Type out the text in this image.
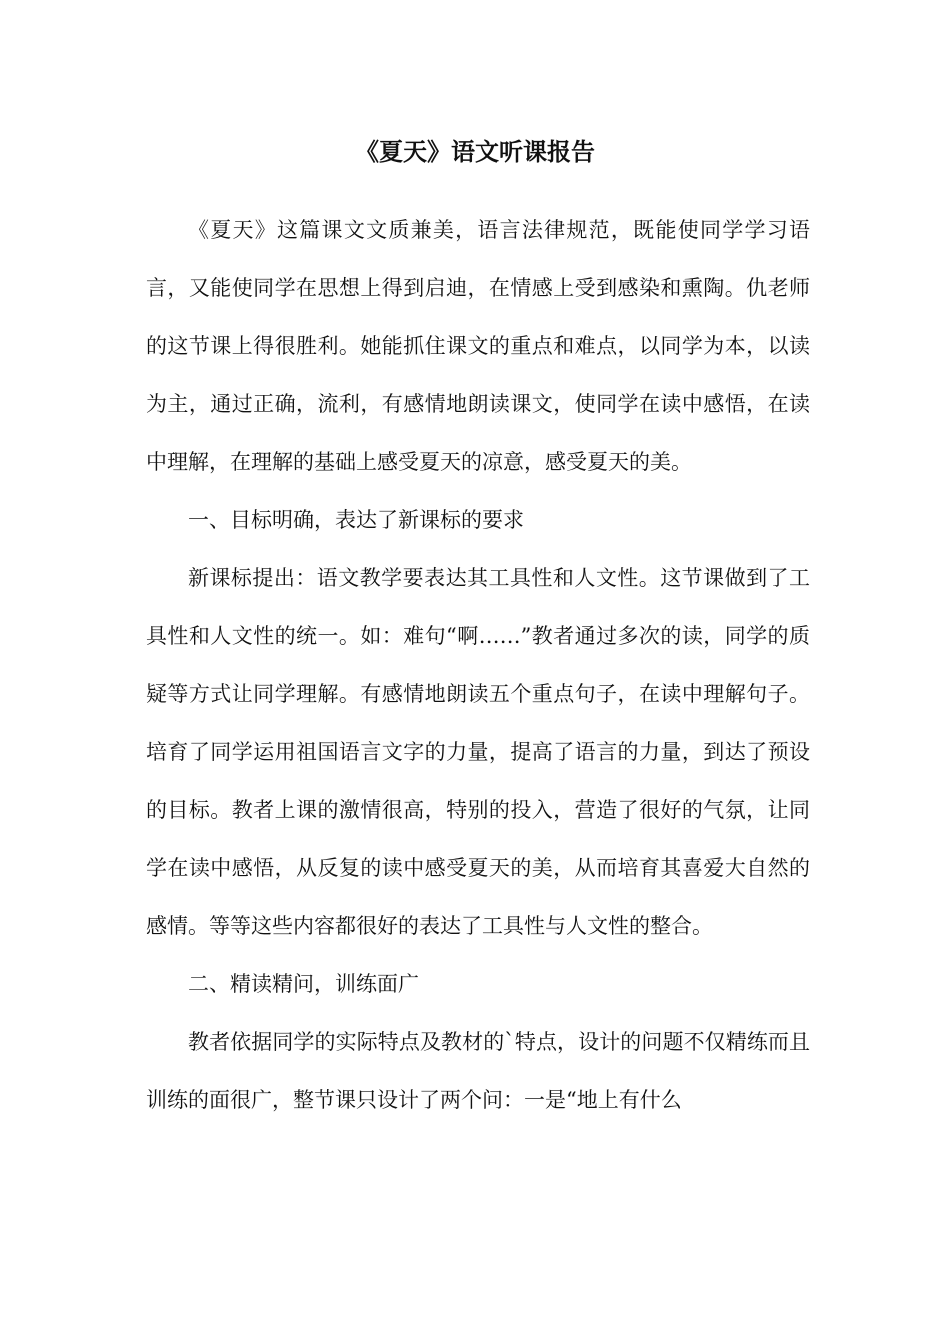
《夏天》语文听课报告

《夏天》这篇课文文质兼美，语言法律规范，既能使同学学习语言，又能使同学在思想上得到启迪，在情感上受到感染和熏陶。仇老师的这节课上得很胜利。她能抓住课文的重点和难点，以同学为本，以读为主，通过正确，流利，有感情地朗读课文，使同学在读中感悟，在读中理解，在理解的基础上感受夏天的凉意，感受夏天的美。

一、目标明确，表达了新课标的要求

新课标提出：语文教学要表达其工具性和人文性。这节课做到了工具性和人文性的统一。如：难句“啊……”教者通过多次的读，同学的质疑等方式让同学理解。有感情地朗读五个重点句子，在读中理解句子。培育了同学运用祖国语言文字的力量，提高了语言的力量，到达了预设的目标。教者上课的激情很高，特别的投入，营造了很好的气氛，让同学在读中感悟，从反复的读中感受夏天的美，从而培育其喜爱大自然的感情。等等这些内容都很好的表达了工具性与人文性的整合。

二、精读精问，训练面广

教者依据同学的实际特点及教材的`特点，设计的问题不仅精练而且训练的面很广，整节课只设计了两个问：一是“地上有什么
